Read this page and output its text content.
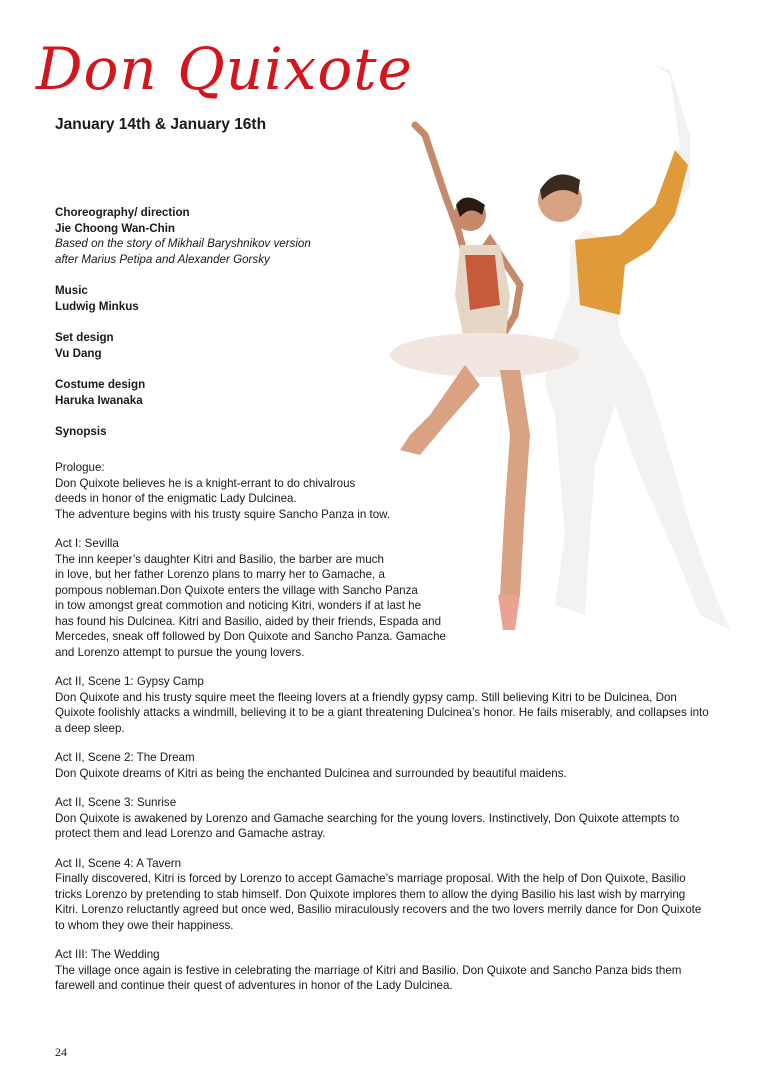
Don Quixote
January 14th & January 16th
Choreography/ direction
Jie Choong Wan-Chin
Based on the story of Mikhail Baryshnikov version
after Marius Petipa and Alexander Gorsky
Music
Ludwig Minkus
Set design
Vu Dang
Costume design
Haruka Iwanaka
Synopsis

Prologue:
Don Quixote believes he is a knight-errant to do chivalrous
deeds in honor of the enigmatic Lady Dulcinea.
The adventure begins with his trusty squire Sancho Panza in tow.

Act I: Sevilla
The inn keeper’s daughter Kitri and Basilio, the barber are much
in love, but her father Lorenzo plans to marry her to Gamache, a
pompous nobleman.Don Quixote enters the village with Sancho Panza
in tow amongst great commotion and noticing Kitri, wonders if at last he
has found his Dulcinea. Kitri and Basilio, aided by their friends, Espada and
Mercedes, sneak off followed by Don Quixote and Sancho Panza. Gamache
and Lorenzo attempt to pursue the young lovers.

Act II, Scene 1: Gypsy Camp
Don Quixote and his trusty squire meet the fleeing lovers at a friendly gypsy camp. Still believing Kitri to be Dulcinea, Don
Quixote foolishly attacks a windmill, believing it to be a giant threatening Dulcinea’s honor. He fails miserably, and collapses into
a deep sleep.

Act II, Scene 2: The Dream
Don Quixote dreams of Kitri as being the enchanted Dulcinea and surrounded by beautiful maidens.

Act II, Scene 3: Sunrise
Don Quixote is awakened by Lorenzo and Gamache searching for the young lovers. Instinctively, Don Quixote attempts to
protect them and lead Lorenzo and Gamache astray.

Act II, Scene 4: A Tavern
Finally discovered, Kitri is forced by Lorenzo to accept Gamache’s marriage proposal. With the help of Don Quixote, Basilio
tricks Lorenzo by pretending to stab himself. Don Quixote implores them to allow the dying Basilio his last wish by marrying
Kitri. Lorenzo reluctantly agreed but once wed, Basilio miraculously recovers and the two lovers merrily dance for Don Quixote
to whom they owe their happiness.

Act III: The Wedding
The village once again is festive in celebrating the marriage of Kitri and Basilio. Don Quixote and Sancho Panza bids them
farewell and continue their quest of adventures in honor of the Lady Dulcinea.

24
